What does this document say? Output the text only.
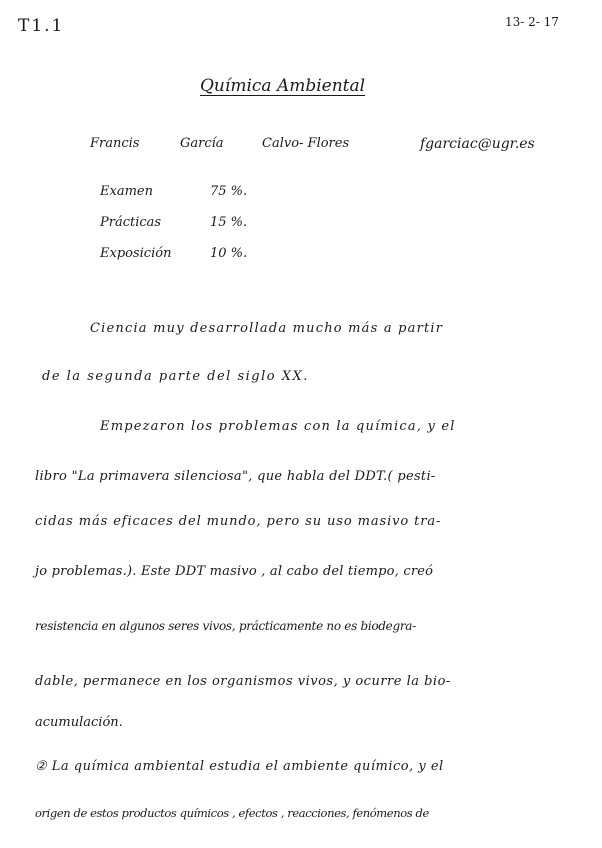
T1.1	13- 2- 17
Química Ambiental
Francis	García	Calvo- Flores	fgarciac@ugr.es
Examen	75 %.
Prácticas	15 %.
Exposición	10 %.
Ciencia muy desarrollada mucho más a partir
de la segunda parte del siglo XX.
Empezaron los problemas con la química, y el
libro "La primavera silenciosa", que habla del DDT.( pesti-
cidas más eficaces del mundo, pero su uso masivo tra-
jo problemas.). Este DDT masivo , al cabo del tiempo, creó
resistencia en algunos seres vivos, prácticamente no es biodegra-
dable, permanece en los organismos vivos, y ocurre la bio-
acumulación.
② La química ambiental estudia el ambiente químico, y el
origen de estos productos químicos , efectos , reacciones, fenómenos de
